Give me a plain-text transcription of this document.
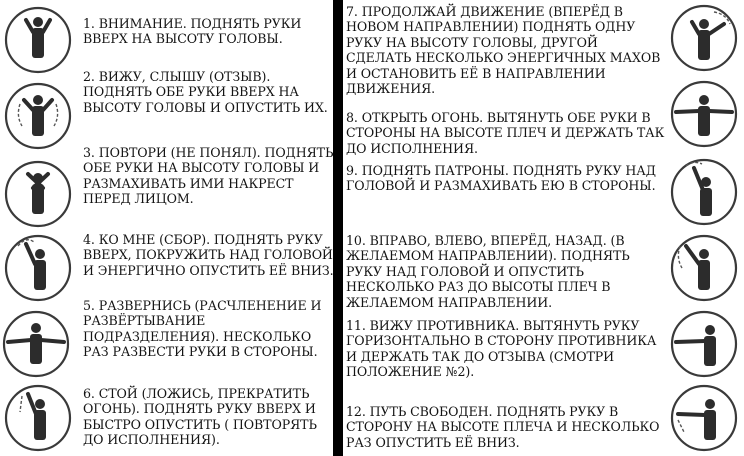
1. ВНИМАНИЕ. ПОДНЯТЬ РУКИ ВВЕРХ НА ВЫСОТУ ГОЛОВЫ.
2. ВИЖУ, СЛЫШУ (ОТЗЫВ). ПОДНЯТЬ ОБЕ РУКИ ВВЕРХ НА ВЫСОТУ ГОЛОВЫ И ОПУСТИТЬ ИХ.
3. ПОВТОРИ (НЕ ПОНЯЛ). ПОДНЯТЬ ОБЕ РУКИ НА ВЫСОТУ ГОЛОВЫ И РАЗМАХИВАТЬ ИМИ НАКРЕСТ ПЕРЕД ЛИЦОМ.
4. КО МНЕ (СБОР). ПОДНЯТЬ РУКУ ВВЕРХ, ПОКРУЖИТЬ НАД ГОЛОВОЙ И ЭНЕРГИЧНО ОПУСТИТЬ ЕЁ ВНИЗ.
5. РАЗВЕРНИСЬ (РАСЧЛЕНЕНИЕ И РАЗВЁРТЫВАНИЕ ПОДРАЗДЕЛЕНИЯ). НЕСКОЛЬКО РАЗ РАЗВЕСТИ РУКИ В СТОРОНЫ.
6. СТОЙ (ЛОЖИСЬ, ПРЕКРАТИТЬ ОГОНЬ). ПОДНЯТЬ РУКУ ВВЕРХ И БЫСТРО ОПУСТИТЬ ( ПОВТОРЯТЬ ДО ИСПОЛНЕНИЯ).
7. ПРОДОЛЖАЙ ДВИЖЕНИЕ (ВПЕРЁД В НОВОМ НАПРАВЛЕНИИ) ПОДНЯТЬ ОДНУ РУКУ НА ВЫСОТУ ГОЛОВЫ, ДРУГОЙ СДЕЛАТЬ НЕСКОЛЬКО ЭНЕРГИЧНЫХ МАХОВ И ОСТАНОВИТЬ ЕЁ В НАПРАВЛЕНИИ ДВИЖЕНИЯ.
8. ОТКРЫТЬ ОГОНЬ. ВЫТЯНУТЬ ОБЕ РУКИ В СТОРОНЫ НА ВЫСОТЕ ПЛЕЧ И ДЕРЖАТЬ ТАК ДО ИСПОЛНЕНИЯ.
9. ПОДНЯТЬ ПАТРОНЫ. ПОДНЯТЬ РУКУ НАД ГОЛОВОЙ И РАЗМАХИВАТЬ ЕЮ В СТОРОНЫ.
10. ВПРАВО, ВЛЕВО, ВПЕРЁД, НАЗАД. (В ЖЕЛАЕМОМ НАПРАВЛЕНИИ). ПОДНЯТЬ РУКУ НАД ГОЛОВОЙ И ОПУСТИТЬ НЕСКОЛЬКО РАЗ ДО ВЫСОТЫ ПЛЕЧ В ЖЕЛАЕМОМ НАПРАВЛЕНИИ.
11. ВИЖУ ПРОТИВНИКА. ВЫТЯНУТЬ РУКУ ГОРИЗОНТАЛЬНО В СТОРОНУ ПРОТИВНИКА И ДЕРЖАТЬ ТАК ДО ОТЗЫВА (СМОТРИ ПОЛОЖЕНИЕ №2).
12. ПУТЬ СВОБОДЕН. ПОДНЯТЬ РУКУ В СТОРОНУ НА ВЫСОТЕ ПЛЕЧА И НЕСКОЛЬКО РАЗ ОПУСТИТЬ ЕЁ ВНИЗ.
